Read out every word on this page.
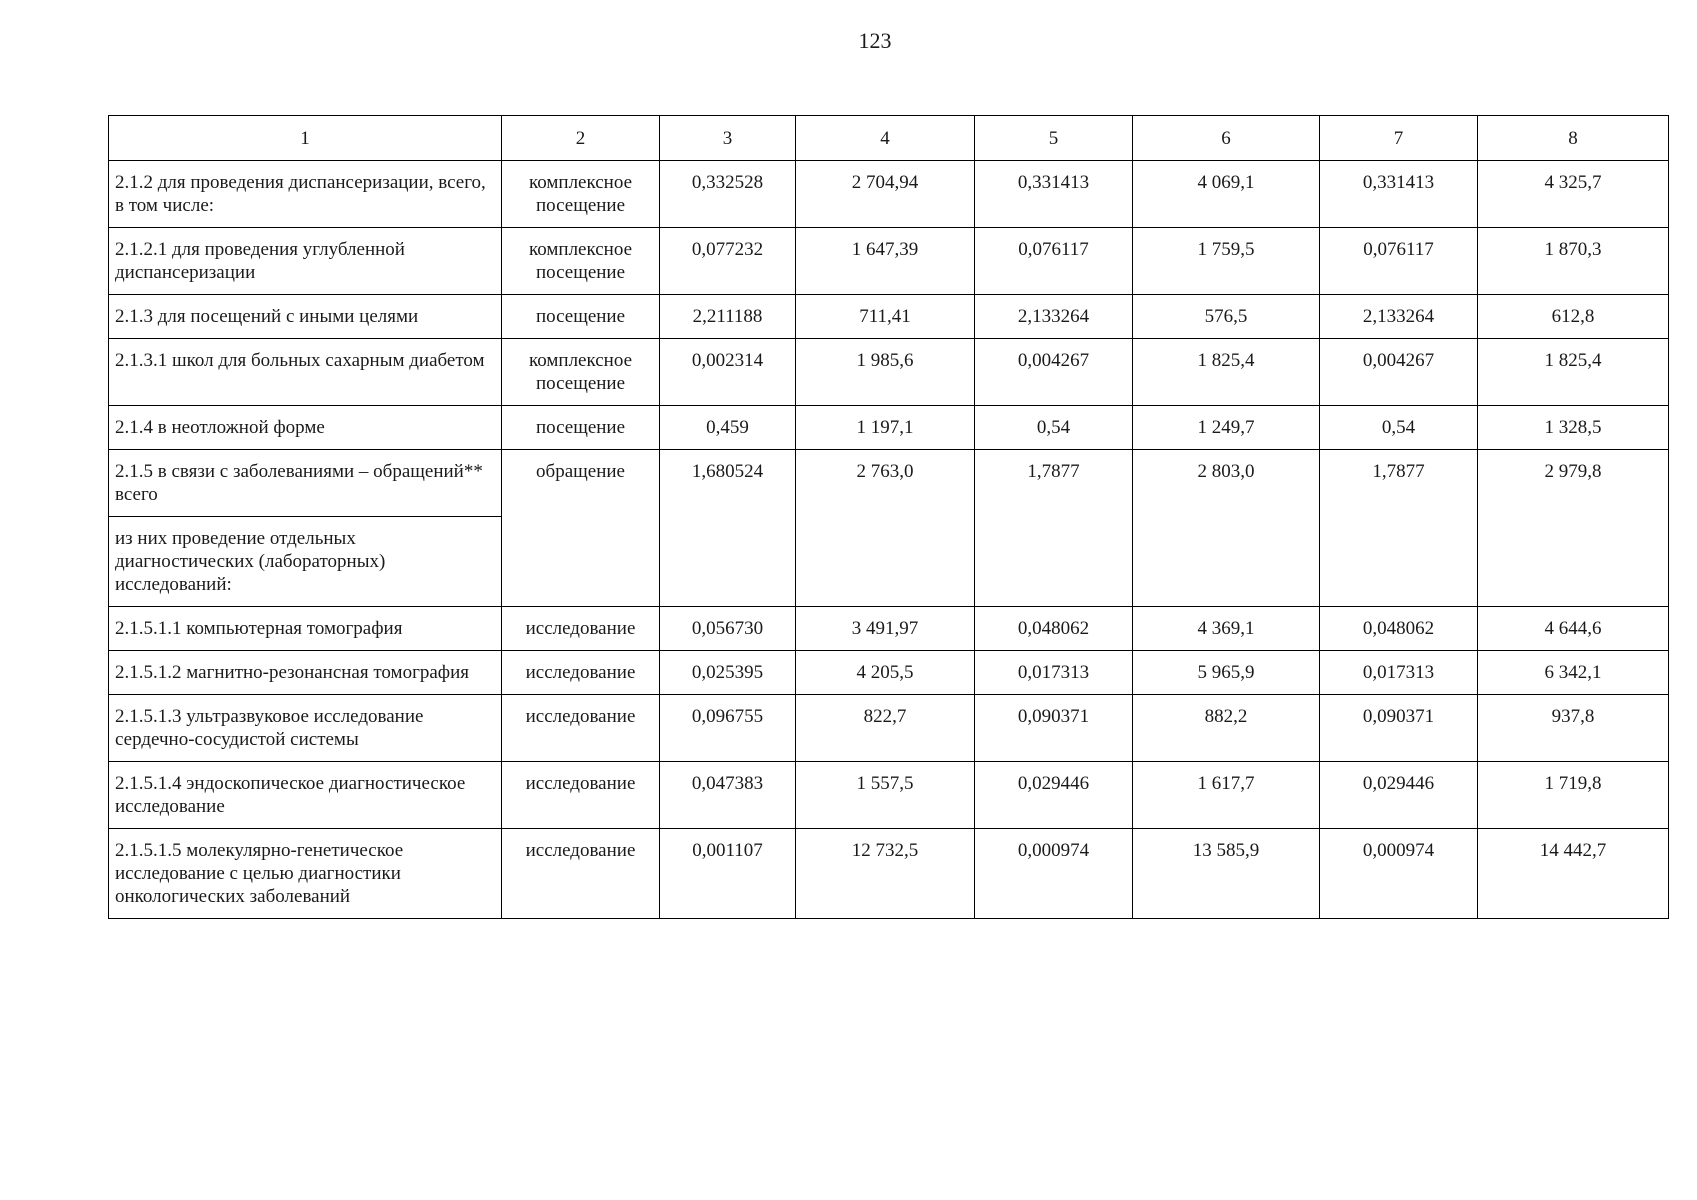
123
1	2	3	4	5	6	7	8
2.1.2 для проведения диспансеризации, всего, в том числе:	комплексное посещение	0,332528	2 704,94	0,331413	4 069,1	0,331413	4 325,7
2.1.2.1 для проведения углубленной диспансеризации	комплексное посещение	0,077232	1 647,39	0,076117	1 759,5	0,076117	1 870,3
2.1.3 для посещений с иными целями	посещение	2,211188	711,41	2,133264	576,5	2,133264	612,8
2.1.3.1 школ для больных сахарным диабетом	комплексное посещение	0,002314	1 985,6	0,004267	1 825,4	0,004267	1 825,4
2.1.4 в неотложной форме	посещение	0,459	1 197,1	0,54	1 249,7	0,54	1 328,5
2.1.5 в связи с заболеваниями – обращений** всего	обращение	1,680524	2 763,0	1,7877	2 803,0	1,7877	2 979,8
из них проведение отдельных диагностических (лабораторных) исследований:							
2.1.5.1.1 компьютерная томография	исследование	0,056730	3 491,97	0,048062	4 369,1	0,048062	4 644,6
2.1.5.1.2 магнитно-резонансная томография	исследование	0,025395	4 205,5	0,017313	5 965,9	0,017313	6 342,1
2.1.5.1.3 ультразвуковое исследование сердечно-сосудистой системы	исследование	0,096755	822,7	0,090371	882,2	0,090371	937,8
2.1.5.1.4 эндоскопическое диагностическое исследование	исследование	0,047383	1 557,5	0,029446	1 617,7	0,029446	1 719,8
2.1.5.1.5 молекулярно-генетическое исследование с целью диагностики онкологических заболеваний	исследование	0,001107	12 732,5	0,000974	13 585,9	0,000974	14 442,7
